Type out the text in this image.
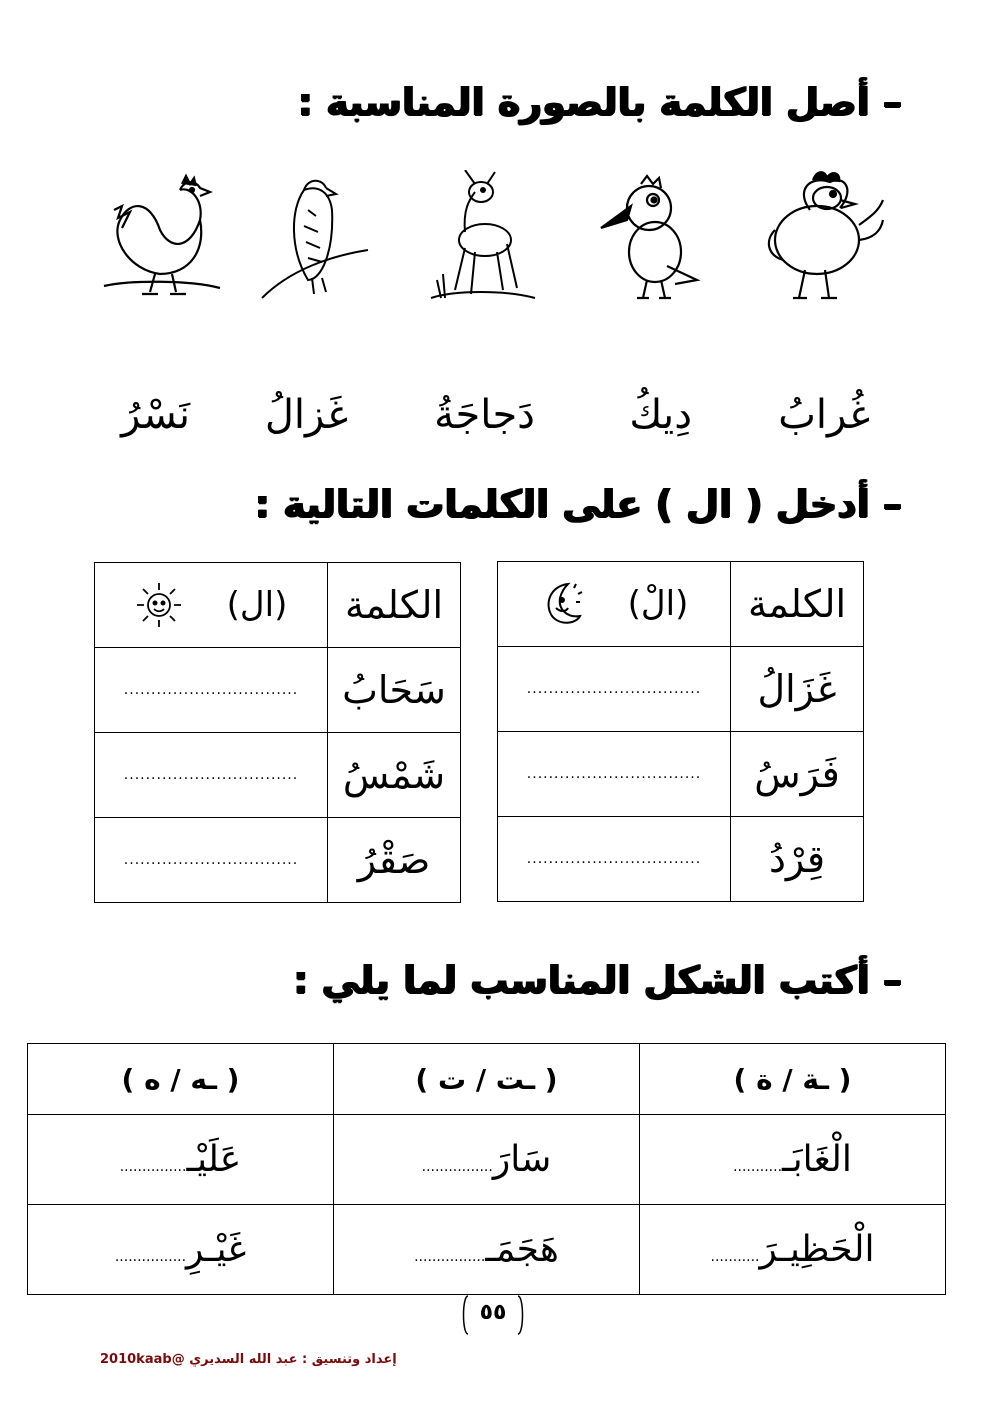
– أصل الكلمة بالصورة المناسبة :
غُرابُ
دِيكُ
دَجاجَةُ
غَزالُ
نَسْرُ
– أدخل ( ال ) على الكلمات التالية :
الكلمة	(الْ)

غَزَالُ	................................
فَرَسُ	................................
قِرْدُ	................................
الكلمة	(ال)

سَحَابُ	................................
شَمْسُ	................................
صَقْرُ	................................
– أكتب الشكل المناسب لما يلي :
( ـة / ة )	( ـت / ت )	( ـه / ه )
الْغَابَـ...........	سَارَ................	عَلَيْـ...............
الْحَظِيـرَ...........	هَجَمَـ................	غَيْـرِ................
٥٥
إعداد وتنسيق : عبد الله السديري @2010kaab
